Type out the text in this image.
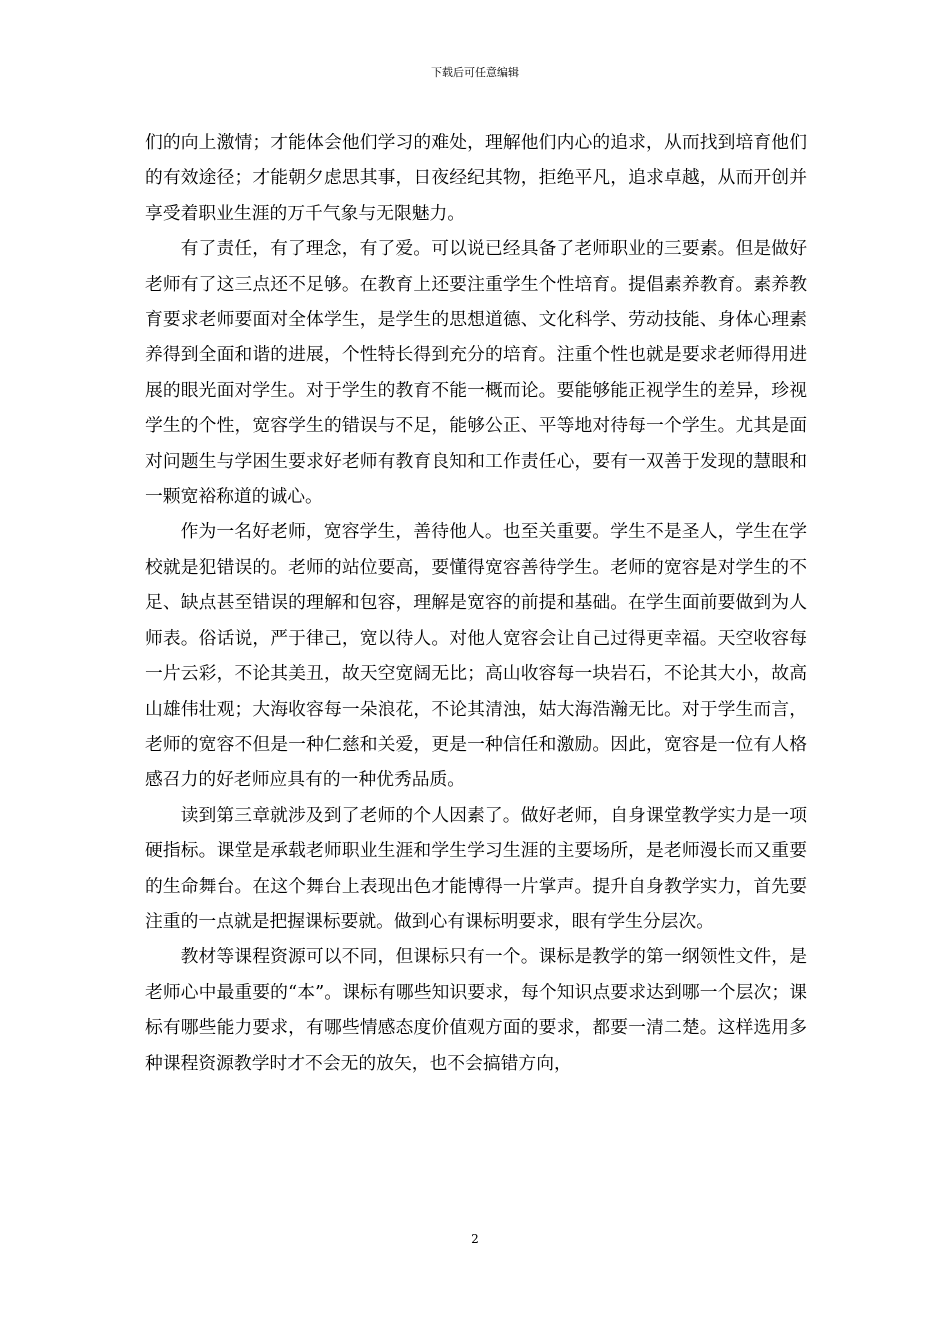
下载后可任意编辑

们的向上激情；才能体会他们学习的难处，理解他们内心的追求，从而找到培育他们的有效途径；才能朝夕虑思其事，日夜经纪其物，拒绝平凡，追求卓越，从而开创并享受着职业生涯的万千气象与无限魅力。

有了责任，有了理念，有了爱。可以说已经具备了老师职业的三要素。但是做好老师有了这三点还不足够。在教育上还要注重学生个性培育。提倡素养教育。素养教育要求老师要面对全体学生，是学生的思想道德、文化科学、劳动技能、身体心理素养得到全面和谐的进展，个性特长得到充分的培育。注重个性也就是要求老师得用进展的眼光面对学生。对于学生的教育不能一概而论。要能够能正视学生的差异，珍视学生的个性，宽容学生的错误与不足，能够公正、平等地对待每一个学生。尤其是面对问题生与学困生要求好老师有教育良知和工作责任心，要有一双善于发现的慧眼和一颗宽裕称道的诚心。

作为一名好老师，宽容学生，善待他人。也至关重要。学生不是圣人，学生在学校就是犯错误的。老师的站位要高，要懂得宽容善待学生。老师的宽容是对学生的不足、缺点甚至错误的理解和包容，理解是宽容的前提和基础。在学生面前要做到为人师表。俗话说，严于律己，宽以待人。对他人宽容会让自己过得更幸福。天空收容每一片云彩，不论其美丑，故天空宽阔无比；高山收容每一块岩石，不论其大小，故高山雄伟壮观；大海收容每一朵浪花，不论其清浊，姑大海浩瀚无比。对于学生而言，老师的宽容不但是一种仁慈和关爱，更是一种信任和激励。因此，宽容是一位有人格感召力的好老师应具有的一种优秀品质。

读到第三章就涉及到了老师的个人因素了。做好老师，自身课堂教学实力是一项硬指标。课堂是承载老师职业生涯和学生学习生涯的主要场所，是老师漫长而又重要的生命舞台。在这个舞台上表现出色才能博得一片掌声。提升自身教学实力，首先要注重的一点就是把握课标要就。做到心有课标明要求，眼有学生分层次。

教材等课程资源可以不同，但课标只有一个。课标是教学的第一纲领性文件，是老师心中最重要的“本”。课标有哪些知识要求，每个知识点要求达到哪一个层次；课标有哪些能力要求，有哪些情感态度价值观方面的要求，都要一清二楚。这样选用多种课程资源教学时才不会无的放矢，也不会搞错方向，

2
